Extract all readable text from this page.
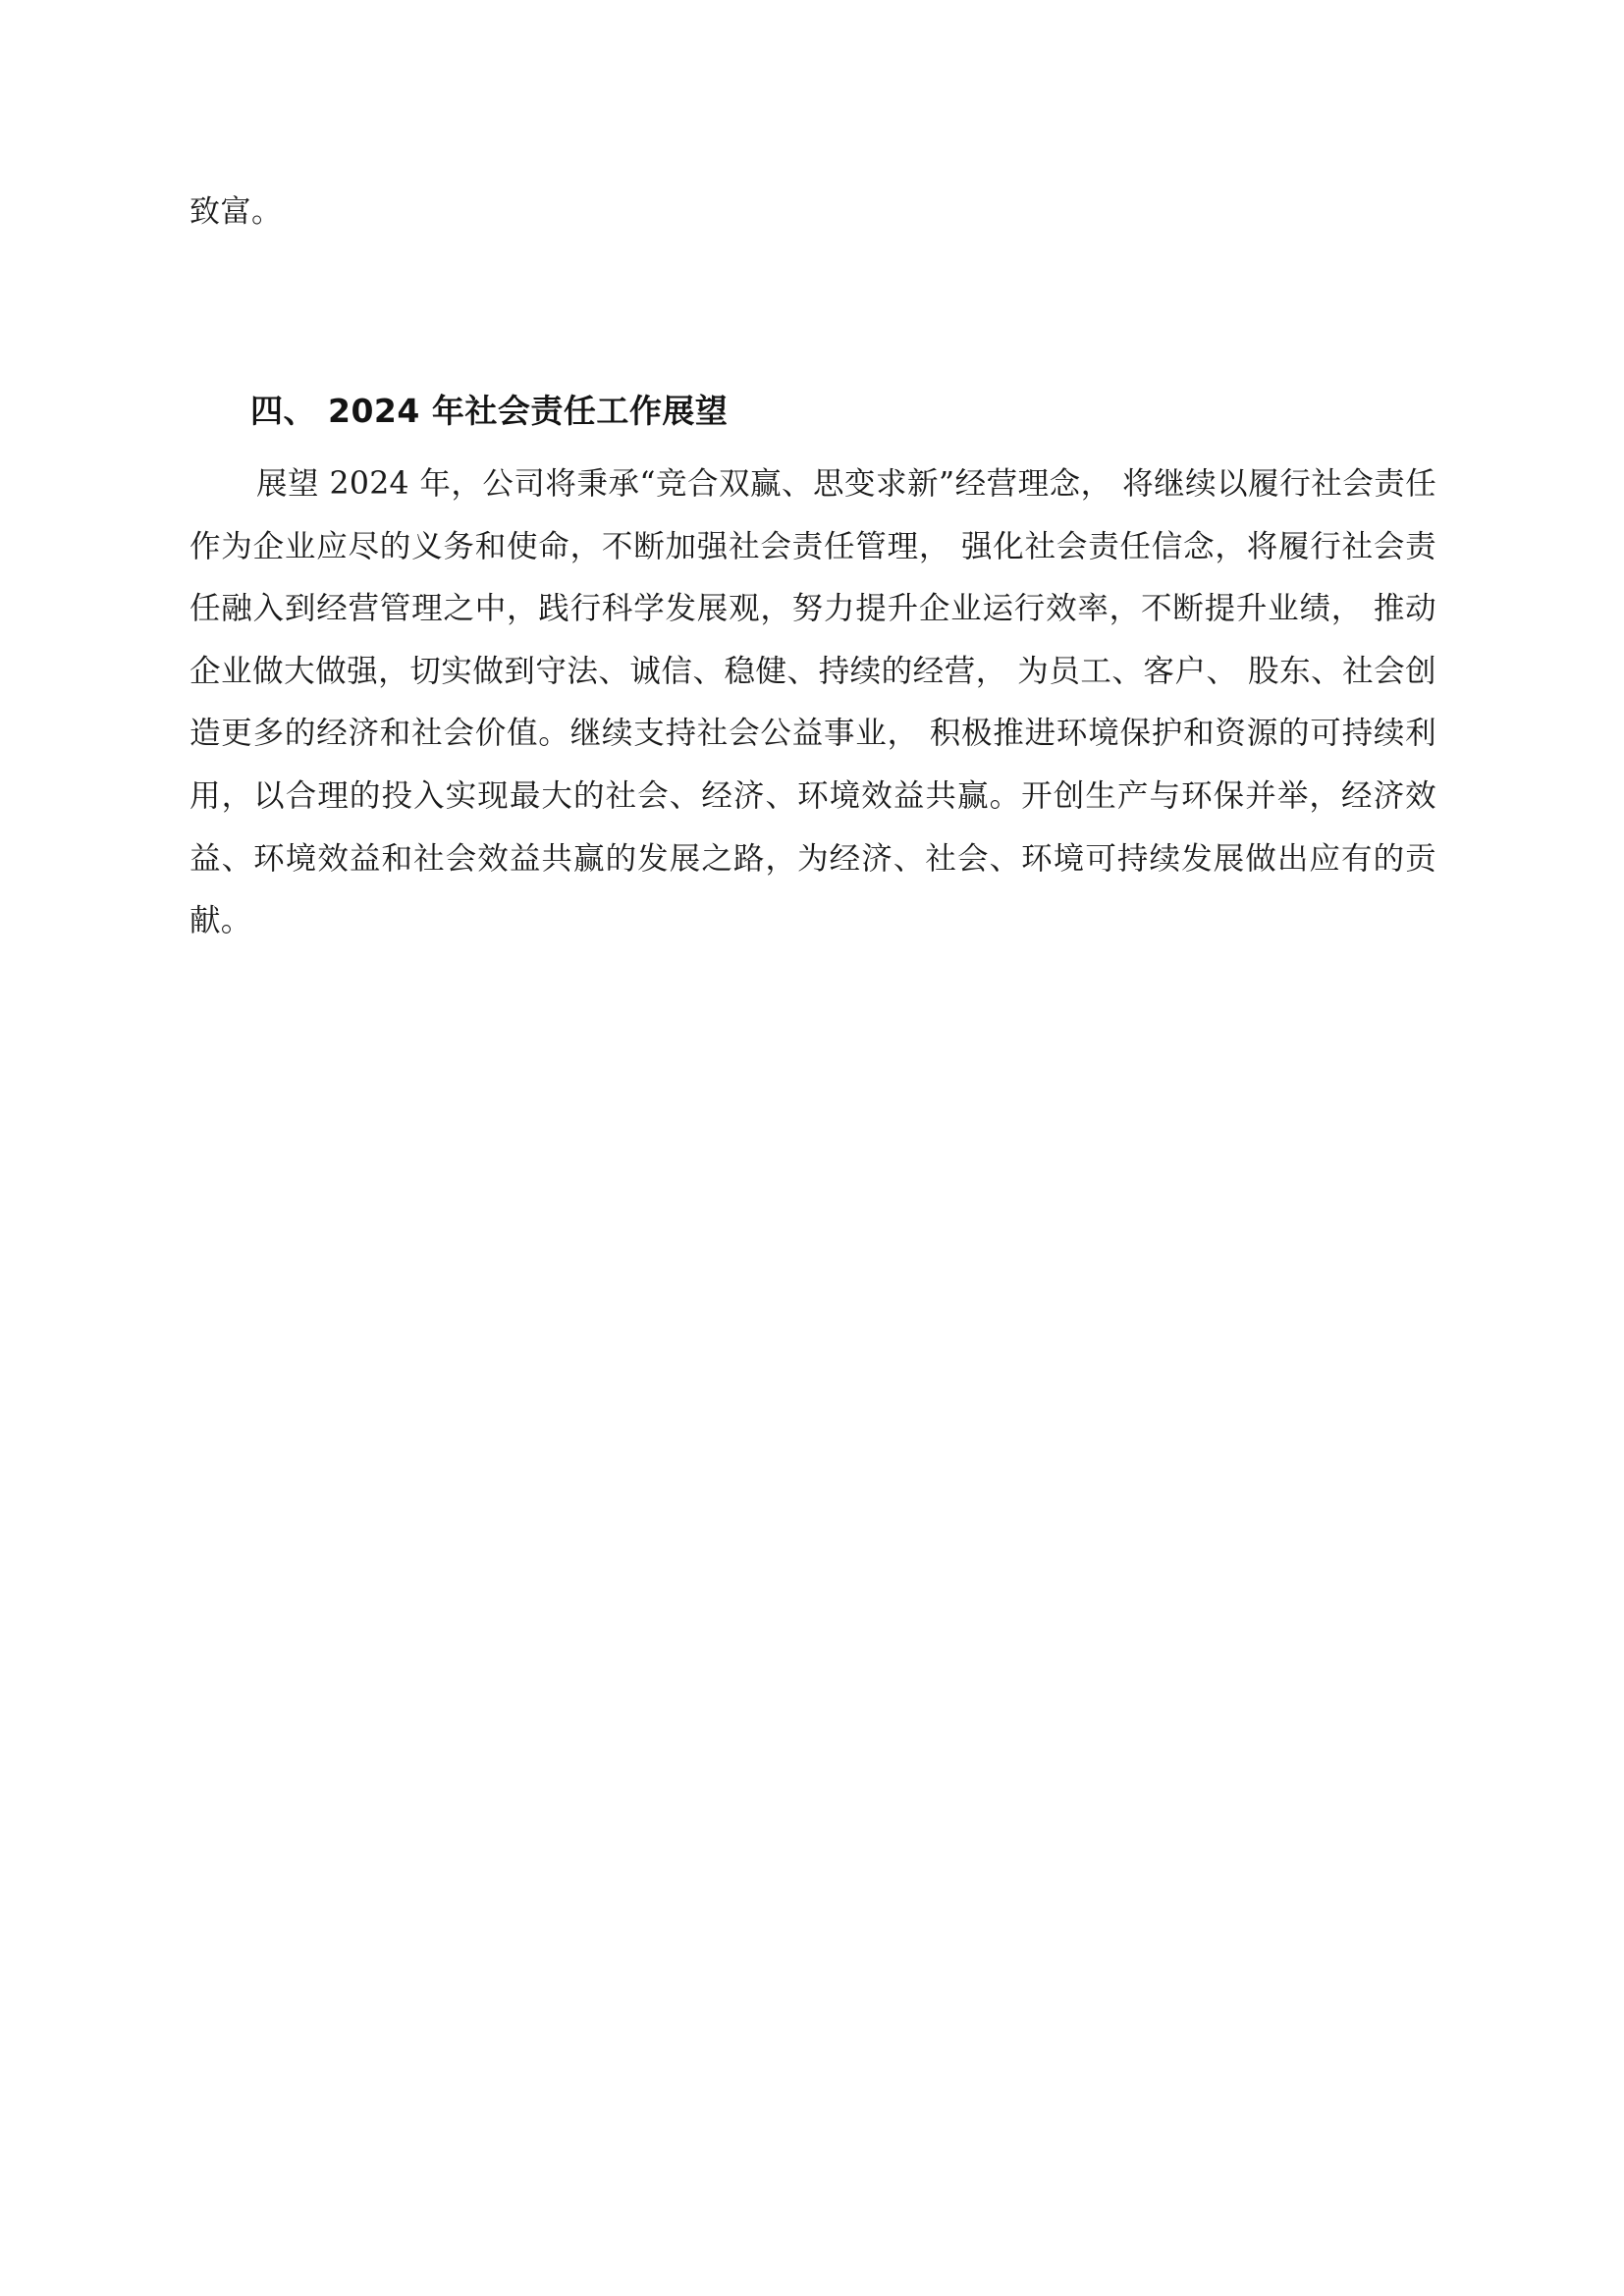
致富。

四、 2024 年社会责任工作展望

展望 2024 年，公司将秉承“竞合双赢、思变求新”经营理念， 将继续以履行社会责任作为企业应尽的义务和使命，不断加强社会责任管理， 强化社会责任信念，将履行社会责任融入到经营管理之中，践行科学发展观，努力提升企业运行效率，不断提升业绩， 推动企业做大做强，切实做到守法、诚信、稳健、持续的经营， 为员工、客户、 股东、社会创造更多的经济和社会价值。继续支持社会公益事业， 积极推进环境保护和资源的可持续利用，以合理的投入实现最大的社会、经济、环境效益共赢。开创生产与环保并举，经济效益、环境效益和社会效益共赢的发展之路，为经济、社会、环境可持续发展做出应有的贡献。
